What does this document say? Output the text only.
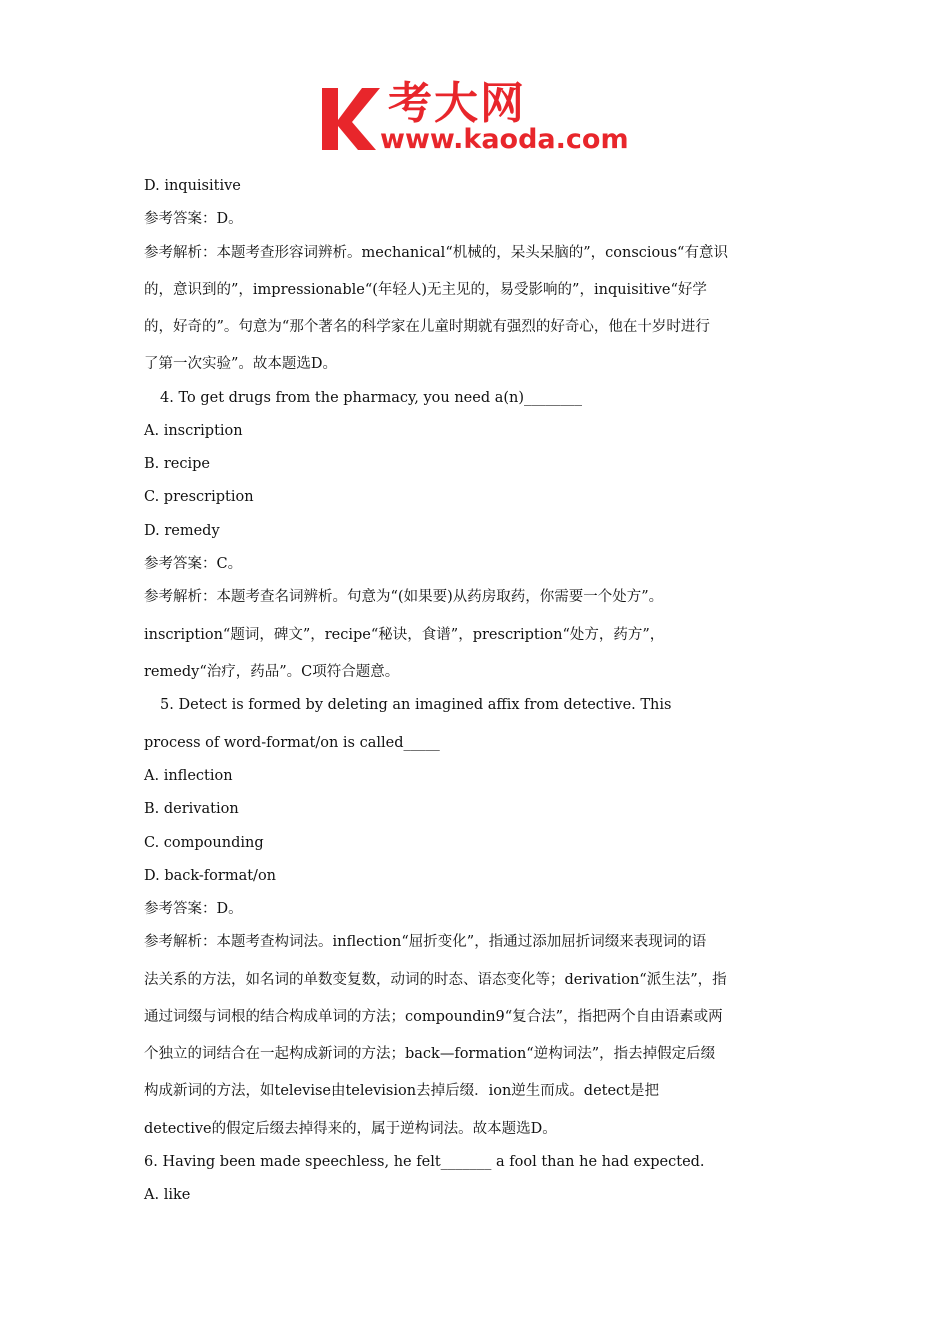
考大网
www.kaoda.com
D. inquisitive
参考答案：D。
参考解析：本题考查形容词辨析。mechanical“机械的，呆头呆脑的”，conscious“有意识
的，意识到的”，impressionable“(年轻人)无主见的，易受影响的”，inquisitive“好学
的，好奇的”。句意为“那个著名的科学家在儿童时期就有强烈的好奇心，他在十岁时进行
了第一次实验”。故本题选D。
4. To get drugs from the pharmacy, you need a(n)________
A. inscription
B. recipe
C. prescription
D. remedy
参考答案：C。
参考解析：本题考查名词辨析。句意为“(如果要)从药房取药，你需要一个处方”。
inscription“题词，碑文”，recipe“秘诀，食谱”，prescription“处方，药方”，
remedy“治疗，药品”。C项符合题意。
5. Detect is formed by deleting an imagined affix from detective. This
process of word-format/on is called_____
A. inflection
B. derivation
C. compounding
D. back-format/on
参考答案：D。
参考解析：本题考查构词法。inflection“屈折变化”，指通过添加屈折词缀来表现词的语
法关系的方法，如名词的单数变复数，动词的时态、语态变化等；derivation“派生法”，指
通过词缀与词根的结合构成单词的方法；compoundin9“复合法”，指把两个自由语素或两
个独立的词结合在一起构成新词的方法；back—formation“逆构词法”，指去掉假定后缀
构成新词的方法，如televise由television去掉后缀．ion逆生而成。detect是把
detective的假定后缀去掉得来的，属于逆构词法。故本题选D。
6. Having been made speechless, he felt_______ a fool than he had expected.
A. like
